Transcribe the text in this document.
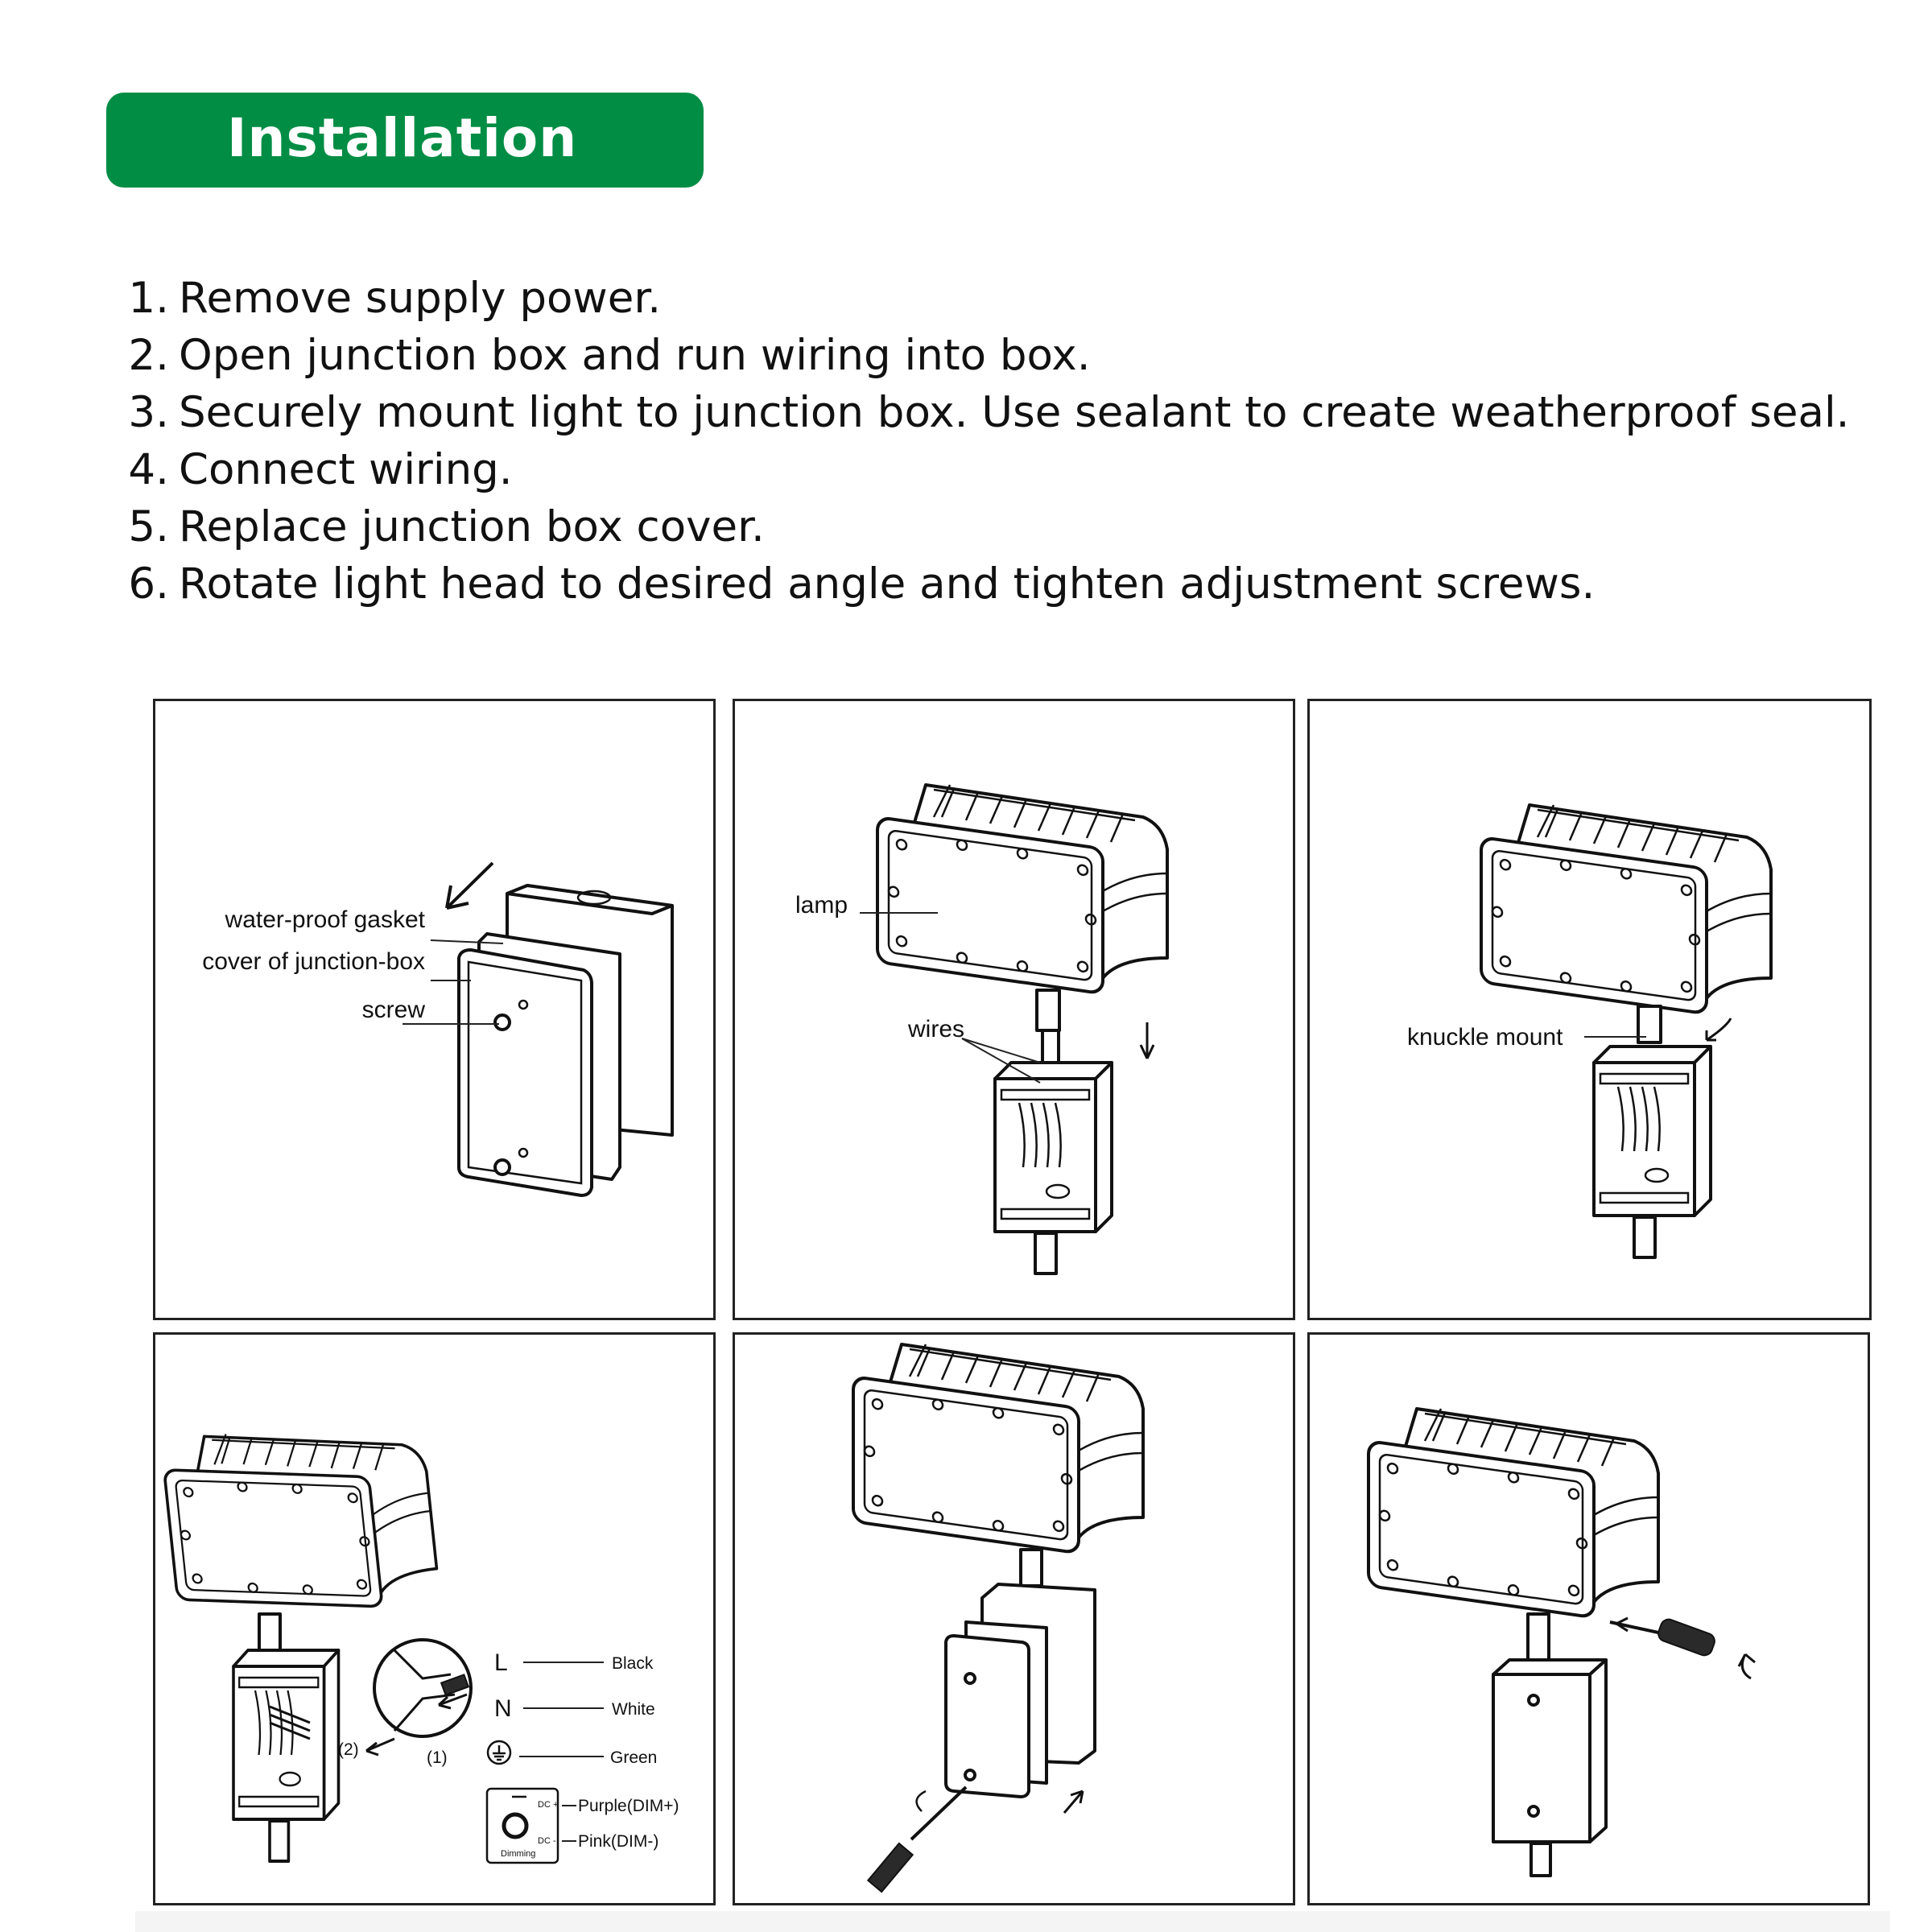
Installation
1. Remove supply power.
2. Open junction box and run wiring into box.
3. Securely mount light to junction box. Use sealant to create weatherproof seal.
4. Connect wiring.
5. Replace junction box cover.
6. Rotate light head to desired angle and tighten adjustment screws.
water-proof gasket
cover of junction-box
screw
lamp
wires	knuckle mount
(2)	(1)
L
N
Black
White
Green
DC +
DC -
Dimming
Purple(DIM+)
Pink(DIM-)
